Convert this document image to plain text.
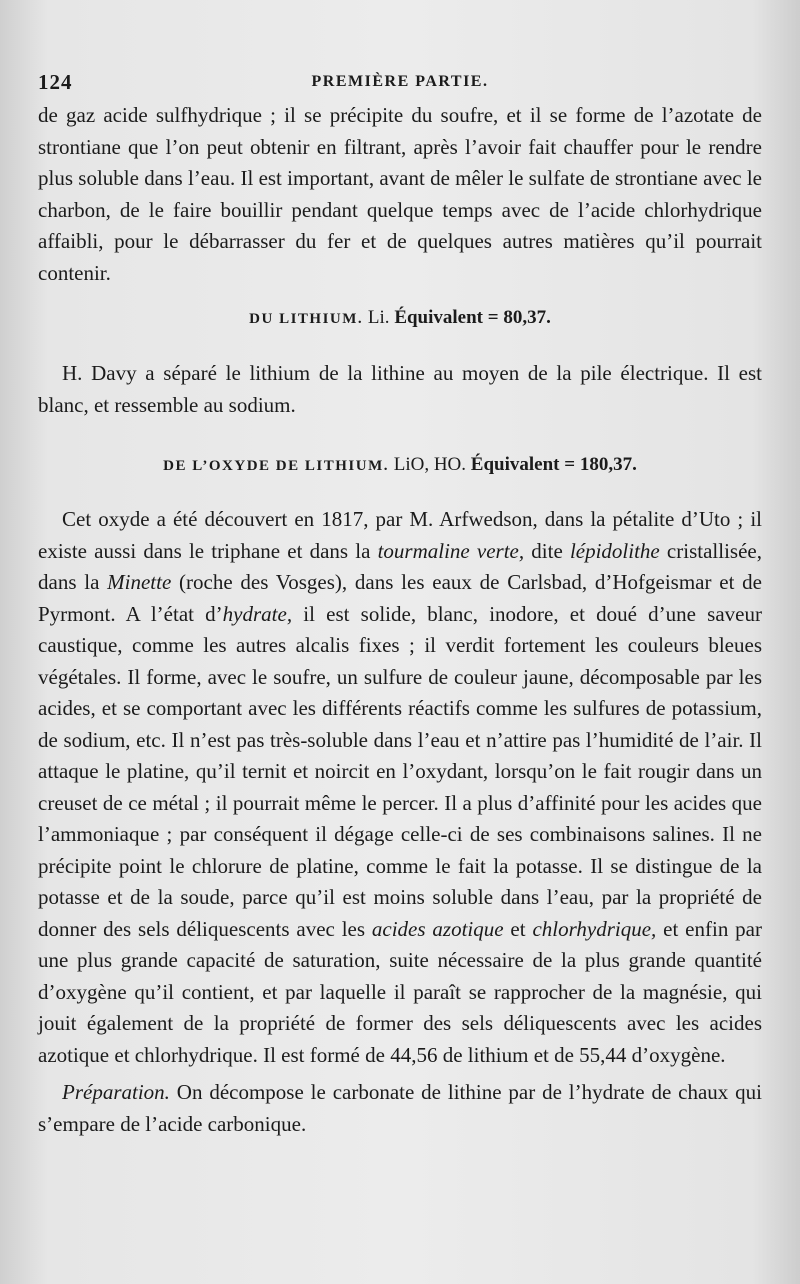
124	PREMIÈRE PARTIE.

de gaz acide sulfhydrique ; il se précipite du soufre, et il se forme de l’azotate de strontiane que l’on peut obtenir en filtrant, après l’avoir fait chauffer pour le rendre plus soluble dans l’eau. Il est important, avant de mêler le sulfate de strontiane avec le charbon, de le faire bouillir pendant quelque temps avec de l’acide chlorhydrique affaibli, pour le débarrasser du fer et de quelques autres matières qu’il pourrait contenir.

DU LITHIUM. Li. Équivalent = 80,37.

H. Davy a séparé le lithium de la lithine au moyen de la pile électrique. Il est blanc, et ressemble au sodium.

DE L’OXYDE DE LITHIUM. LiO, HO. Équivalent = 180,37.

Cet oxyde a été découvert en 1817, par M. Arfwedson, dans la pétalite d’Uto ; il existe aussi dans le triphane et dans la tourmaline verte, dite lépidolithe cristallisée, dans la Minette (roche des Vosges), dans les eaux de Carlsbad, d’Hofgeismar et de Pyrmont. A l’état d’hydrate, il est solide, blanc, inodore, et doué d’une saveur caustique, comme les autres alcalis fixes ; il verdit fortement les couleurs bleues végétales. Il forme, avec le soufre, un sulfure de couleur jaune, décomposable par les acides, et se comportant avec les différents réactifs comme les sulfures de potassium, de sodium, etc. Il n’est pas très-soluble dans l’eau et n’attire pas l’humidité de l’air. Il attaque le platine, qu’il ternit et noircit en l’oxydant, lorsqu’on le fait rougir dans un creuset de ce métal ; il pourrait même le percer. Il a plus d’affinité pour les acides que l’ammoniaque ; par conséquent il dégage celle-ci de ses combinaisons salines. Il ne précipite point le chlorure de platine, comme le fait la potasse. Il se distingue de la potasse et de la soude, parce qu’il est moins soluble dans l’eau, par la propriété de donner des sels déliquescents avec les acides azotique et chlorhydrique, et enfin par une plus grande capacité de saturation, suite nécessaire de la plus grande quantité d’oxygène qu’il contient, et par laquelle il paraît se rapprocher de la magnésie, qui jouit également de la propriété de former des sels déliquescents avec les acides azotique et chlorhydrique. Il est formé de 44,56 de lithium et de 55,44 d’oxygène.

Préparation. On décompose le carbonate de lithine par de l’hydrate de chaux qui s’empare de l’acide carbonique.
